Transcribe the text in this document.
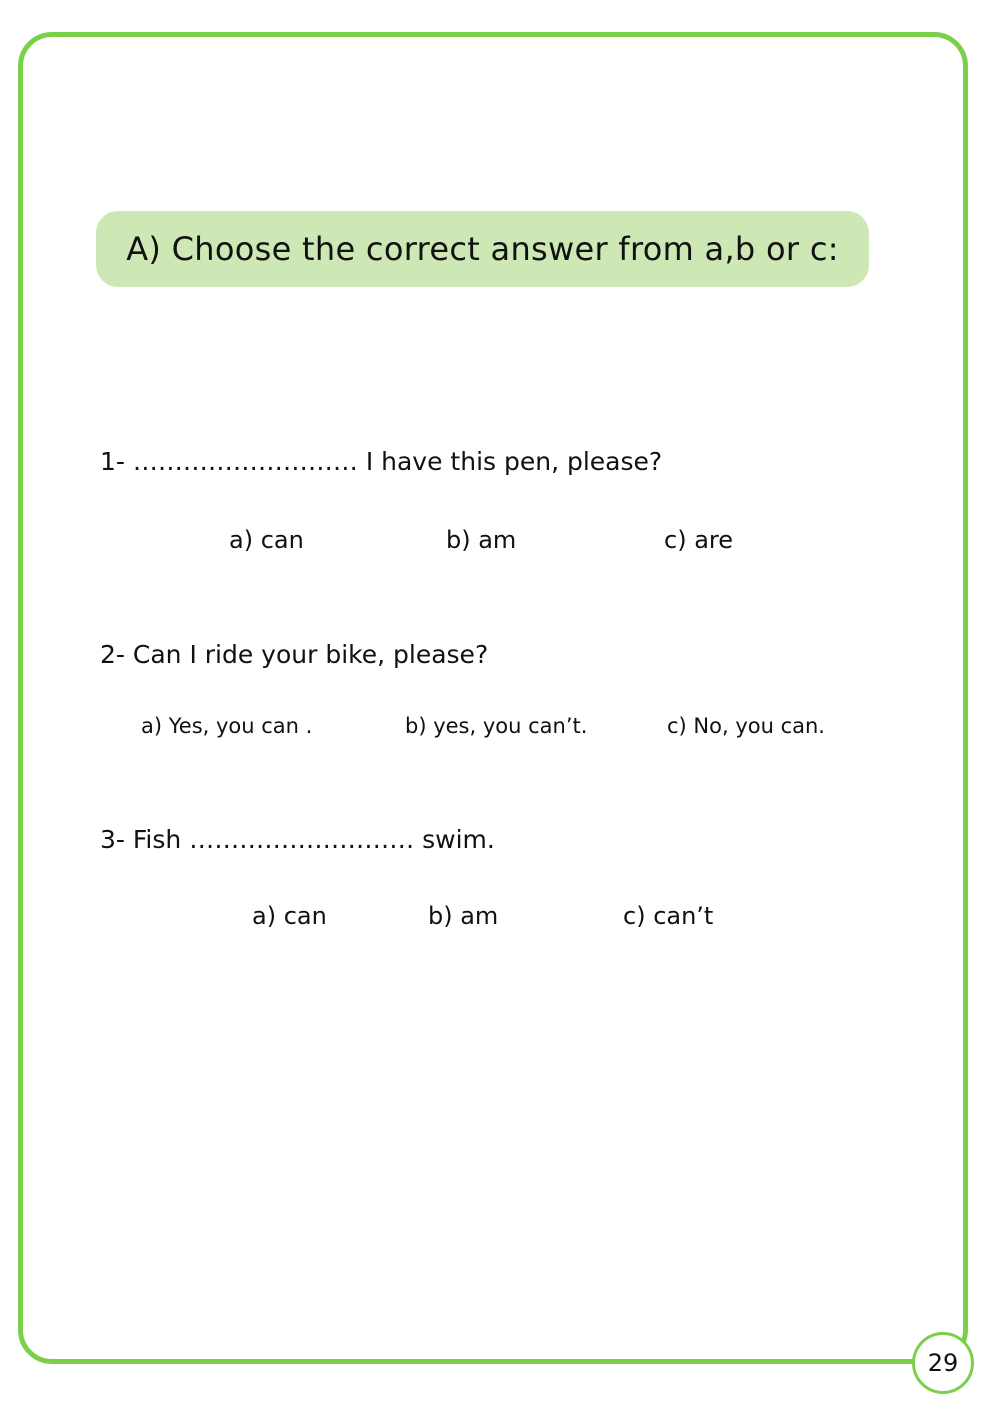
A) Choose the correct answer from a,b or c:
1- ……………………… I have this pen, please?
a) can	b) am	c) are
2- Can I ride your bike, please?
a) Yes, you can .	b) yes, you can’t.	c) No, you can.
3- Fish ……………………… swim.
a) can	b) am	c) can’t
29
